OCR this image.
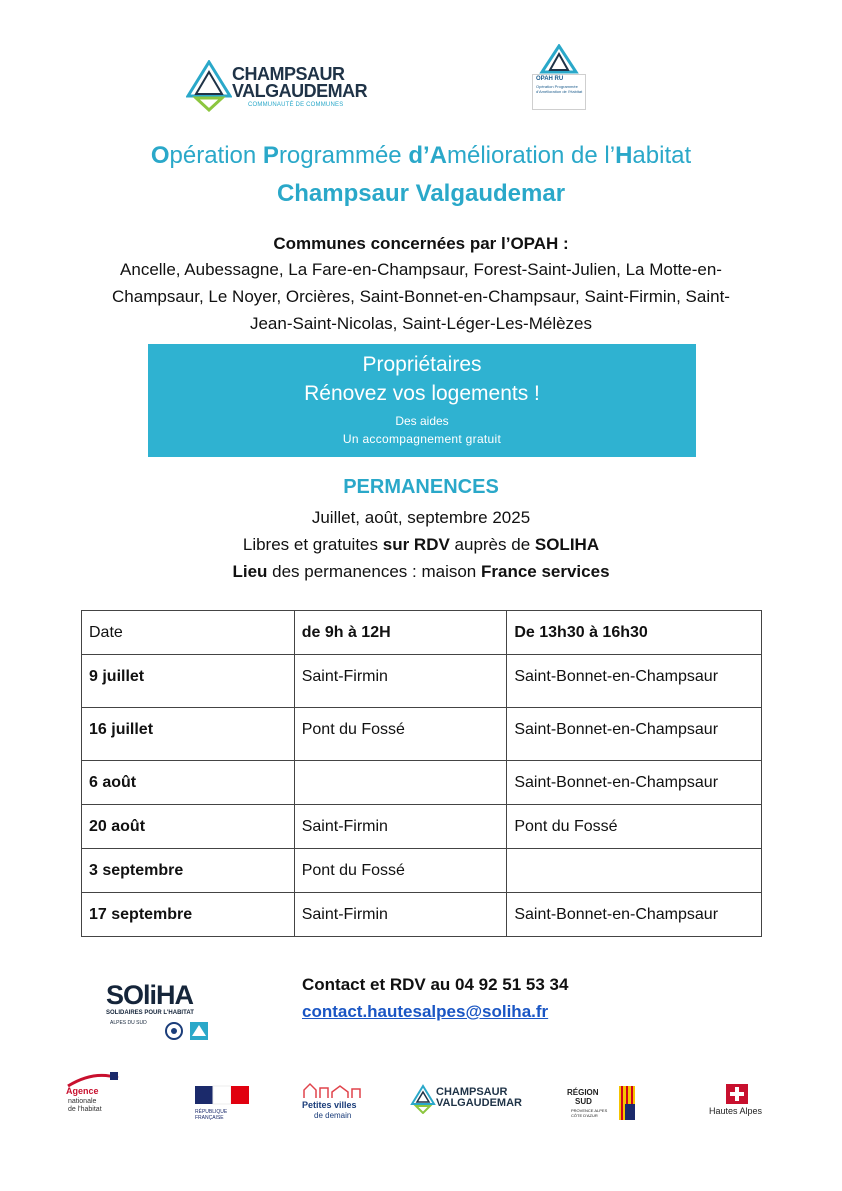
CHAMPSAUR
VALGAUDEMAR
COMMUNAUTÉ DE COMMUNES
OPAH RU
Opération Programmée d'Amélioration de l'Habitat
Opération Programmée d’Amélioration de l’Habitat
Champsaur Valgaudemar
Communes concernées par l’OPAH :
Ancelle, Aubessagne, La Fare-en-Champsaur, Forest-Saint-Julien, La Motte-en-
Champsaur, Le Noyer, Orcières, Saint-Bonnet-en-Champsaur, Saint-Firmin, Saint-
Jean-Saint-Nicolas, Saint-Léger-Les-Mélèzes
Propriétaires
Rénovez vos logements !
Des aides
Un accompagnement gratuit
PERMANENCES
Juillet, août, septembre 2025
Libres et gratuites sur RDV auprès de SOLIHA
Lieu des permanences : maison France services
Date	de 9h à 12H	De 13h30 à 16h30
9 juillet	Saint-Firmin	Saint-Bonnet-en-Champsaur
16 juillet	Pont du Fossé	Saint-Bonnet-en-Champsaur
6 août		Saint-Bonnet-en-Champsaur
20 août	Saint-Firmin	Pont du Fossé
3 septembre	Pont du Fossé	
17 septembre	Saint-Firmin	Saint-Bonnet-en-Champsaur
SOliHA
SOLIDAIRES POUR L'HABITAT
ALPES DU SUD
Contact et RDV au 04 92 51 53 34
contact.hautesalpes@soliha.fr
Agence
nationale
de l'habitat	RÉPUBLIQUE FRANÇAISE
Petites villes
de demain
CHAMPSAUR
VALGAUDEMAR
RÉGION
SUD
PROVENCE ALPES CÔTE D'AZUR	Hautes Alpes
